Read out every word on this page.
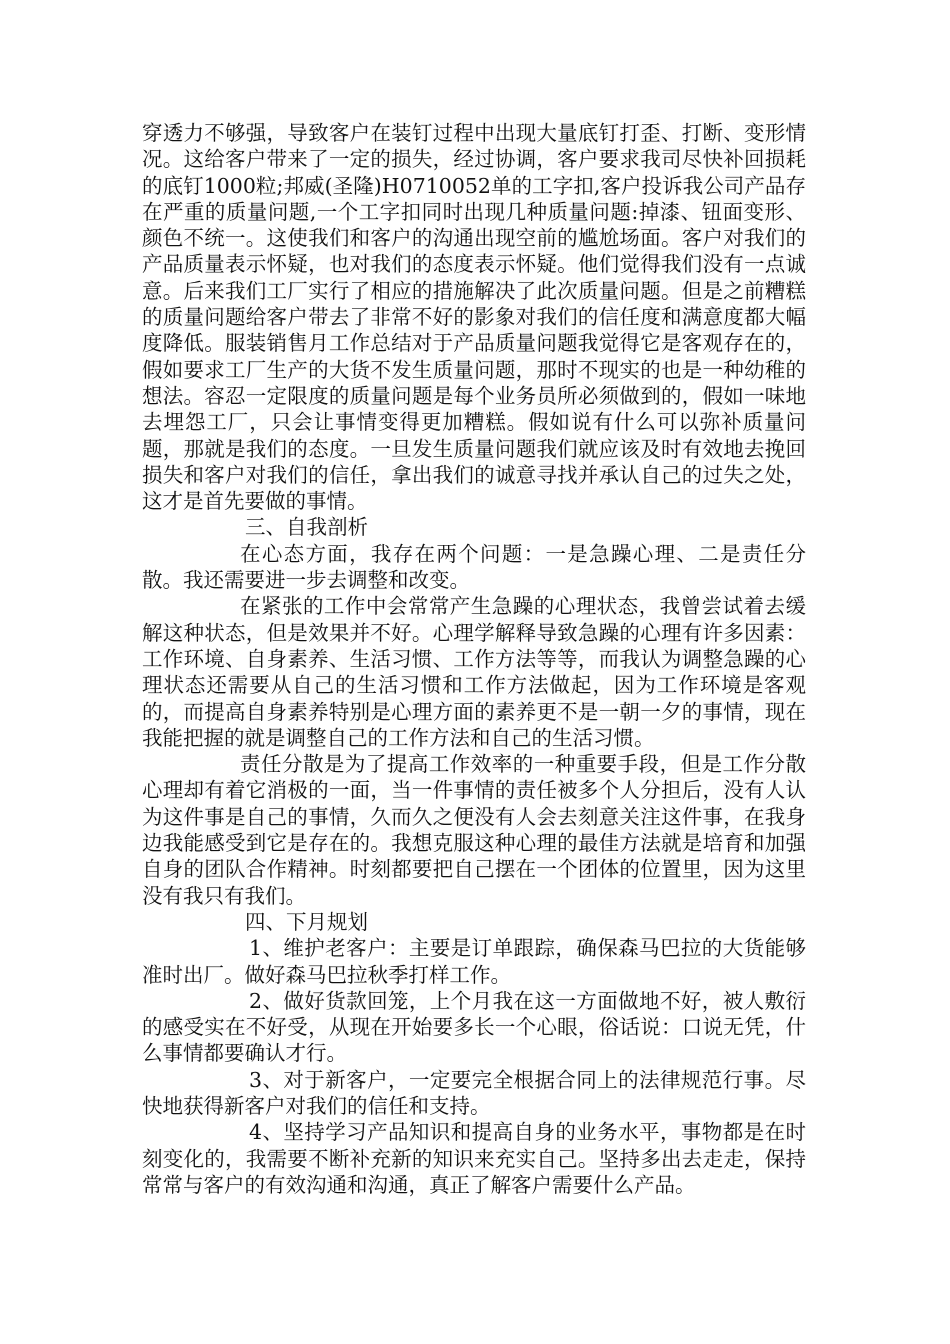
穿透力不够强，导致客户在装钉过程中出现大量底钉打歪、打断、变形情况。这给客户带来了一定的损失，经过协调，客户要求我司尽快补回损耗的底钉1000粒;邦威(圣隆)H0710052单的工字扣,客户投诉我公司产品存在严重的质量问题,一个工字扣同时出现几种质量问题:掉漆、钮面变形、颜色不统一。这使我们和客户的沟通出现空前的尴尬场面。客户对我们的产品质量表示怀疑，也对我们的态度表示怀疑。他们觉得我们没有一点诚意。后来我们工厂实行了相应的措施解决了此次质量问题。但是之前糟糕的质量问题给客户带去了非常不好的影象对我们的信任度和满意度都大幅度降低。服装销售月工作总结对于产品质量问题我觉得它是客观存在的，假如要求工厂生产的大货不发生质量问题，那时不现实的也是一种幼稚的想法。容忍一定限度的质量问题是每个业务员所必须做到的，假如一味地去埋怨工厂，只会让事情变得更加糟糕。假如说有什么可以弥补质量问题，那就是我们的态度。一旦发生质量问题我们就应该及时有效地去挽回损失和客户对我们的信任，拿出我们的诚意寻找并承认自己的过失之处，这才是首先要做的事情。

三、自我剖析

在心态方面，我存在两个问题：一是急躁心理、二是责任分散。我还需要进一步去调整和改变。

在紧张的工作中会常常产生急躁的心理状态，我曾尝试着去缓解这种状态，但是效果并不好。心理学解释导致急躁的心理有许多因素：工作环境、自身素养、生活习惯、工作方法等等，而我认为调整急躁的心理状态还需要从自己的生活习惯和工作方法做起，因为工作环境是客观的，而提高自身素养特别是心理方面的素养更不是一朝一夕的事情，现在我能把握的就是调整自己的工作方法和自己的生活习惯。

责任分散是为了提高工作效率的一种重要手段，但是工作分散心理却有着它消极的一面，当一件事情的责任被多个人分担后，没有人认为这件事是自己的事情，久而久之便没有人会去刻意关注这件事，在我身边我能感受到它是存在的。我想克服这种心理的最佳方法就是培育和加强自身的团队合作精神。时刻都要把自己摆在一个团体的位置里，因为这里没有我只有我们。

四、下月规划

1、维护老客户：主要是订单跟踪，确保森马巴拉的大货能够准时出厂。做好森马巴拉秋季打样工作。

2、做好货款回笼，上个月我在这一方面做地不好，被人敷衍的感受实在不好受，从现在开始要多长一个心眼，俗话说：口说无凭，什么事情都要确认才行。

3、对于新客户，一定要完全根据合同上的法律规范行事。尽快地获得新客户对我们的信任和支持。

4、坚持学习产品知识和提高自身的业务水平，事物都是在时刻变化的，我需要不断补充新的知识来充实自己。坚持多出去走走，保持常常与客户的有效沟通和沟通，真正了解客户需要什么产品。
